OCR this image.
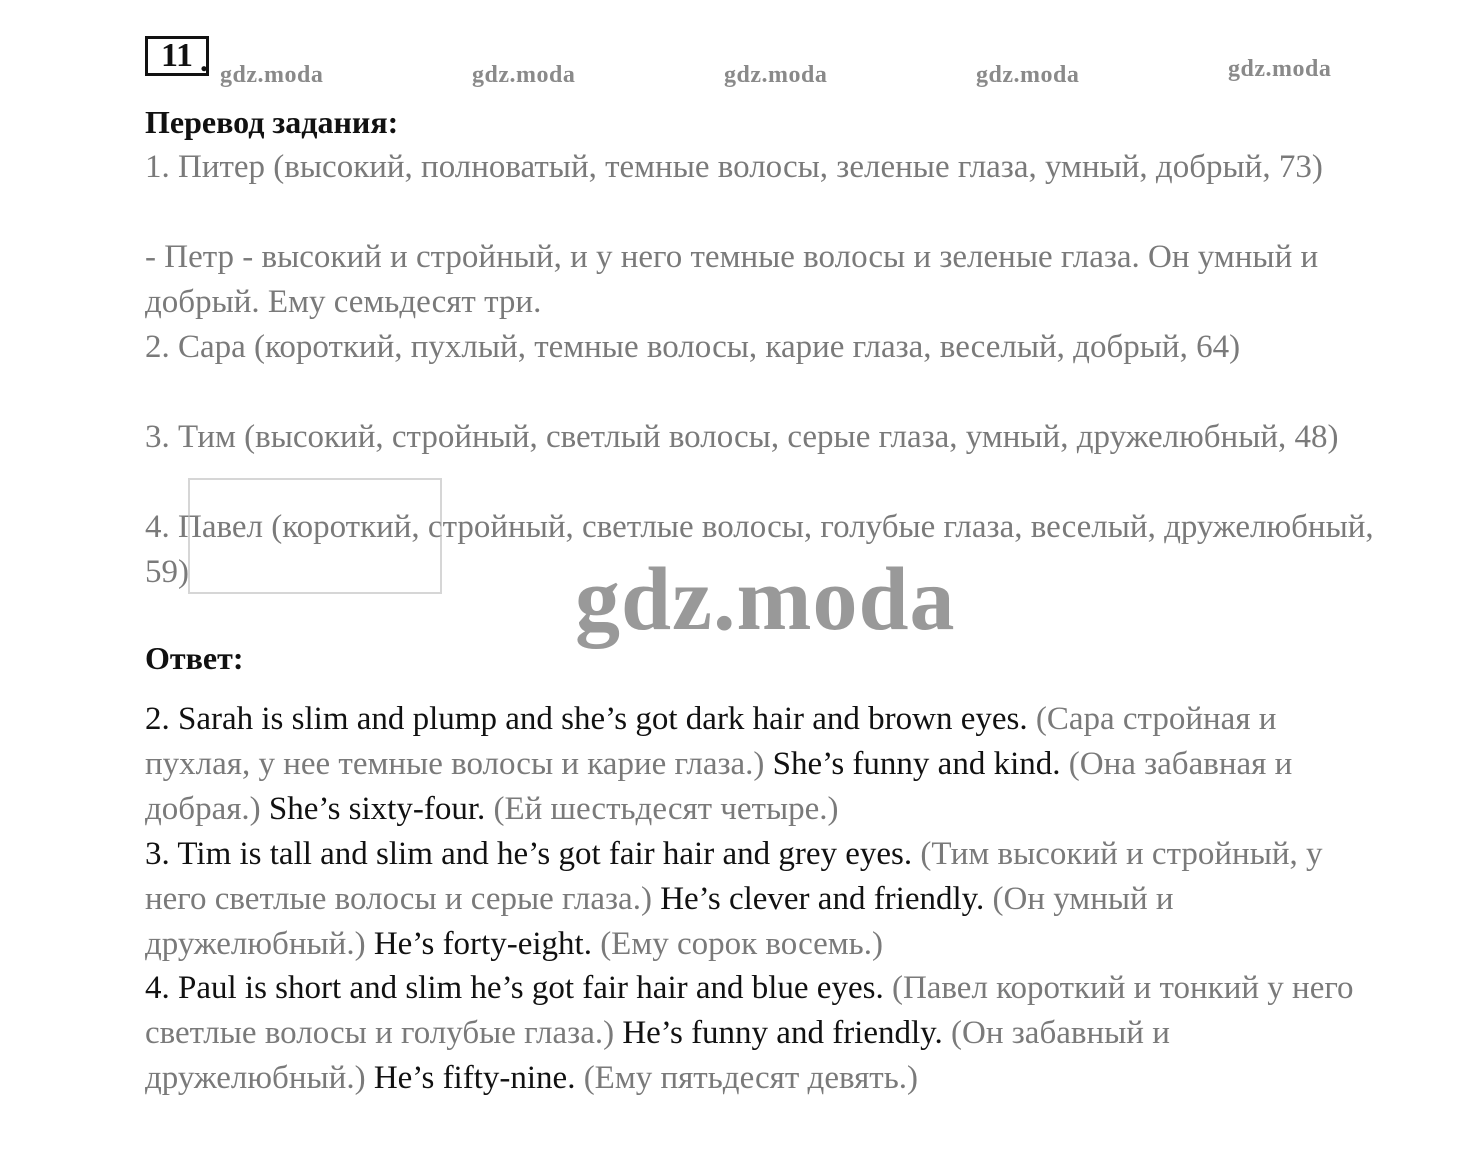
11 . gdz.moda	gdz.moda	gdz.moda	gdz.moda	gdz.moda
Перевод задания:

1. Питер (высокий, полноватый, темные волосы, зеленые глаза, умный, добрый, 73)

- Петр - высокий и стройный, и у него темные волосы и зеленые глаза. Он умный и добрый. Ему семьдесят три.

2. Сара (короткий, пухлый, темные волосы, карие глаза, веселый, добрый, 64)

3. Тим (высокий, стройный, светлый волосы, серые глаза, умный, дружелюбный, 48)

4. Павел (короткий, стройный, светлые волосы, голубые глаза, веселый, дружелюбный, 59)	gdz.moda
Ответ:

2. Sarah is slim and plump and she’s got dark hair and brown eyes. (Сара стройная и пухлая, у нее темные волосы и карие глаза.) She’s funny and kind. (Она забавная и добрая.) She’s sixty-four. (Ей шестьдесят четыре.)

3. Tim is tall and slim and he’s got fair hair and grey eyes. (Тим высокий и стройный, у него светлые волосы и серые глаза.) He’s clever and friendly. (Он умный и дружелюбный.) He’s forty-eight. (Ему сорок восемь.)

4. Paul is short and slim he’s got fair hair and blue eyes. (Павел короткий и тонкий у него светлые волосы и голубые глаза.) He’s funny and friendly. (Он забавный и дружелюбный.) He’s fifty-nine. (Ему пятьдесят девять.)
